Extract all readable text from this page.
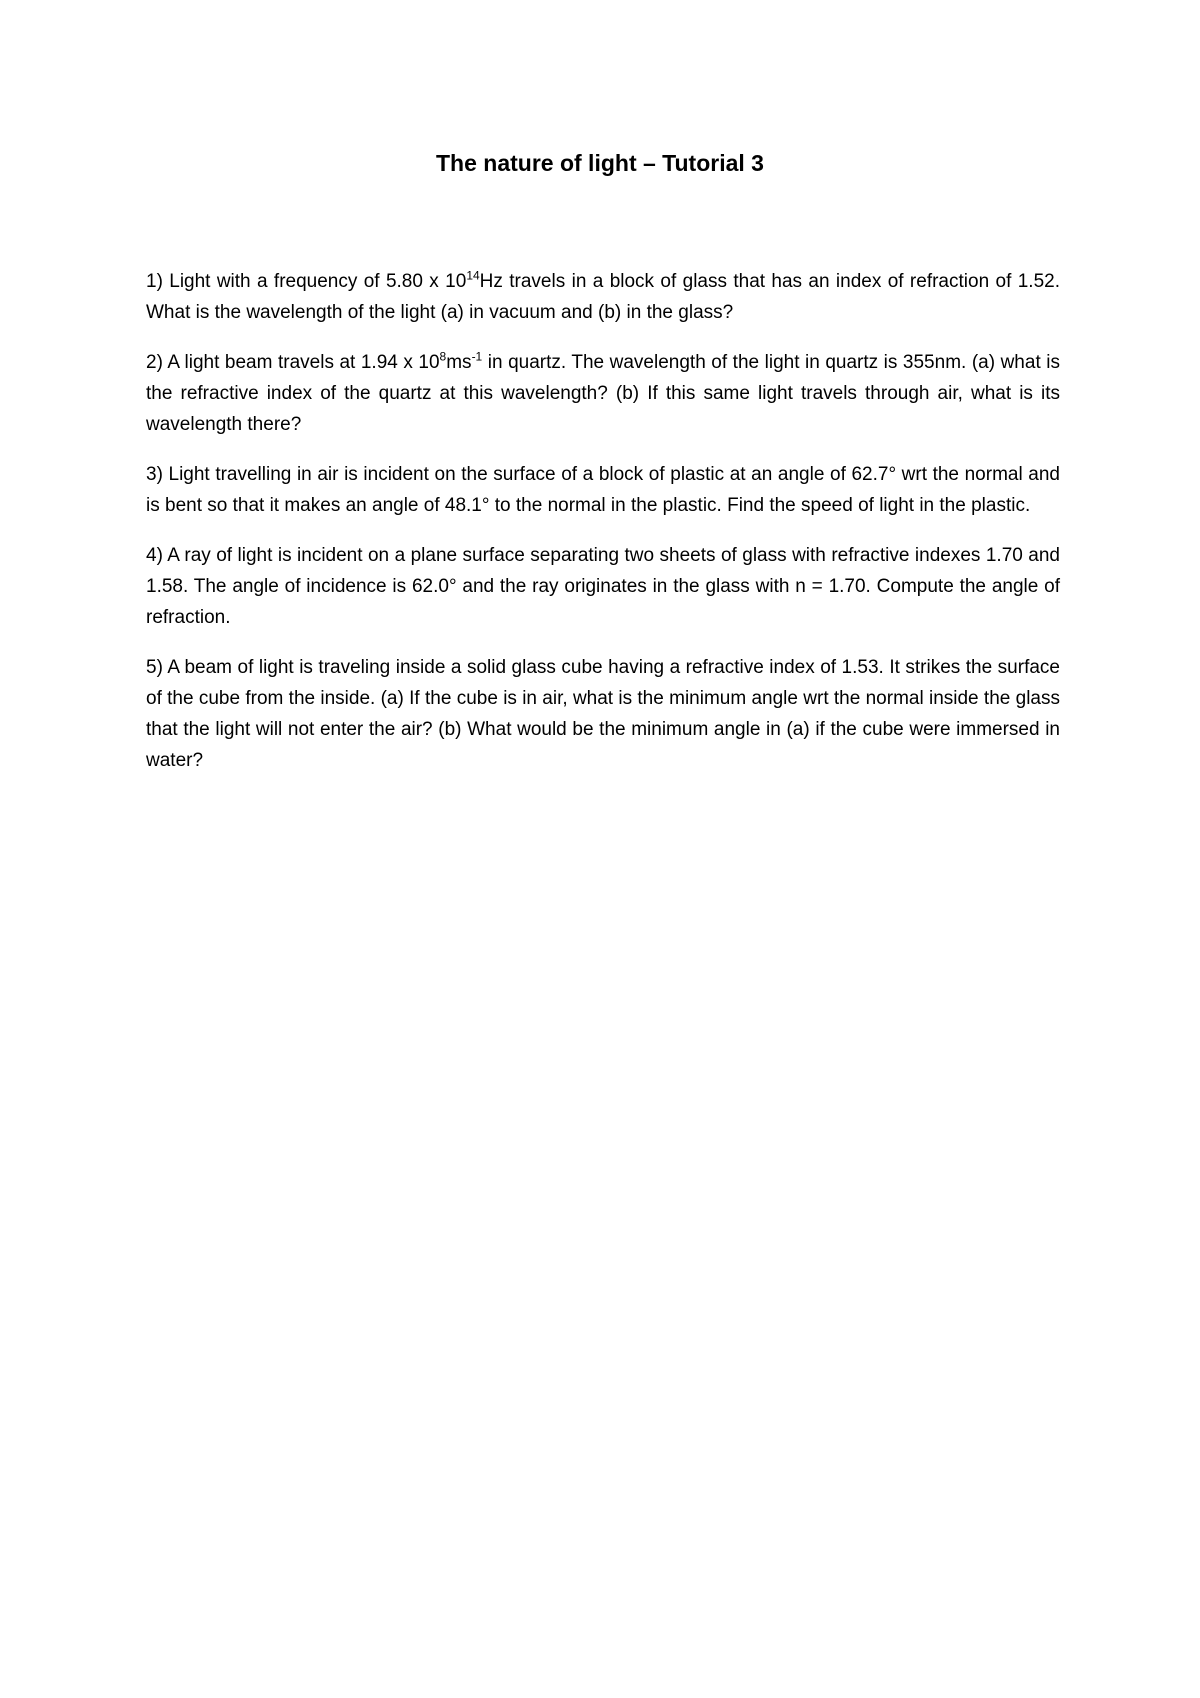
The nature of light – Tutorial 3

1) Light with a frequency of 5.80 x $10^{14}Hz$ travels in a block of glass that has an index of refraction of 1.52. What is the wavelength of the light (a) in vacuum and (b) in the glass?

2) A light beam travels at 1.94 x $10^8ms^{-1}$ in quartz. The wavelength of the light in quartz is 355nm. (a) what is the refractive index of the quartz at this wavelength? (b) If this same light travels through air, what is its wavelength there?

3) Light travelling in air is incident on the surface of a block of plastic at an angle of 62.7° wrt the normal and is bent so that it makes an angle of 48.1° to the normal in the plastic. Find the speed of light in the plastic.

4) A ray of light is incident on a plane surface separating two sheets of glass with refractive indexes 1.70 and 1.58. The angle of incidence is 62.0° and the ray originates in the glass with n = 1.70. Compute the angle of refraction.

5) A beam of light is traveling inside a solid glass cube having a refractive index of 1.53. It strikes the surface of the cube from the inside. (a) If the cube is in air, what is the minimum angle wrt the normal inside the glass that the light will not enter the air? (b) What would be the minimum angle in (a) if the cube were immersed in water?
